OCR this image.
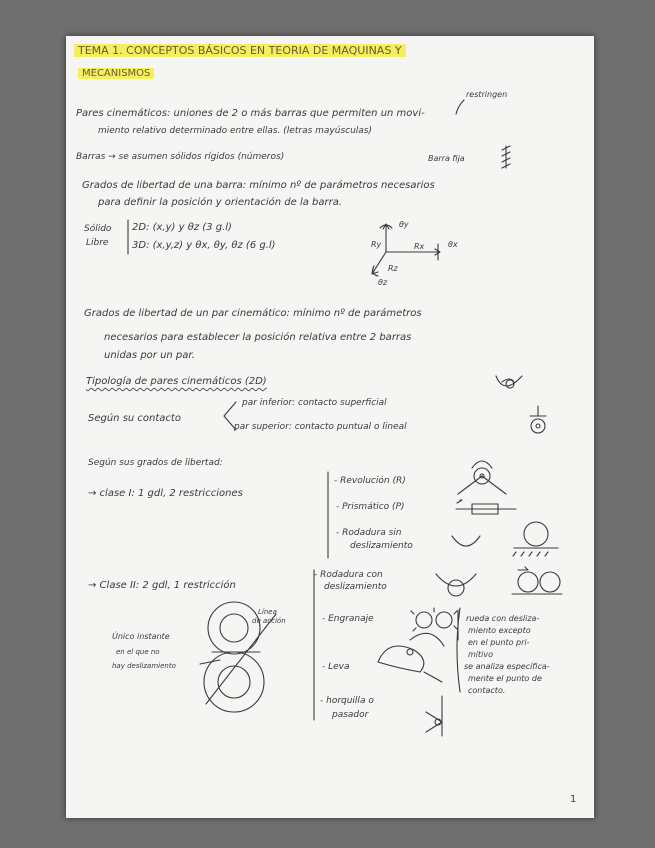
TEMA 1. CONCEPTOS BÁSICOS EN TEORIA DE MAQUINAS Y
MECANISMOS
restringen
Pares cinemáticos: uniones de 2 o más barras que permiten un movi-
miento relativo determinado entre ellas. (letras mayúsculas)
Barras → se asumen sólidos rígidos (números)	Barra fija
Grados de libertad de una barra: mínimo nº de parámetros necesarios
para definir la posición y orientación de la barra.
Sólido
Libre
2D: (x,y) y θz (3 g.l)
3D: (x,y,z) y θx, θy, θz (6 g.l)	Ry
θy
Rx	θx
Rz
θz
Grados de libertad de un par cinemático: mínimo nº de parámetros
necesarios para establecer la posición relativa entre 2 barras
unidas por un par.
Tipología de pares cinemáticos (2D)
Según su contacto
par inferior: contacto superficial
par superior: contacto puntual o lineal
Según sus grados de libertad:
→ clase I: 1 gdl, 2 restricciones
- Revolución (R)
- Prismático (P)
- Rodadura sin
deslizamiento
→ Clase II: 2 gdl, 1 restricción
- Rodadura con
deslizamiento
- Engranaje
- Leva
- horquilla o
pasador
rueda con desliza-
miento excepto
en el punto pri-
mitivo
se analiza específica-
mente el punto de
contacto.
Único instante
en el que no
hay deslizamiento
Línea
de acción
1
